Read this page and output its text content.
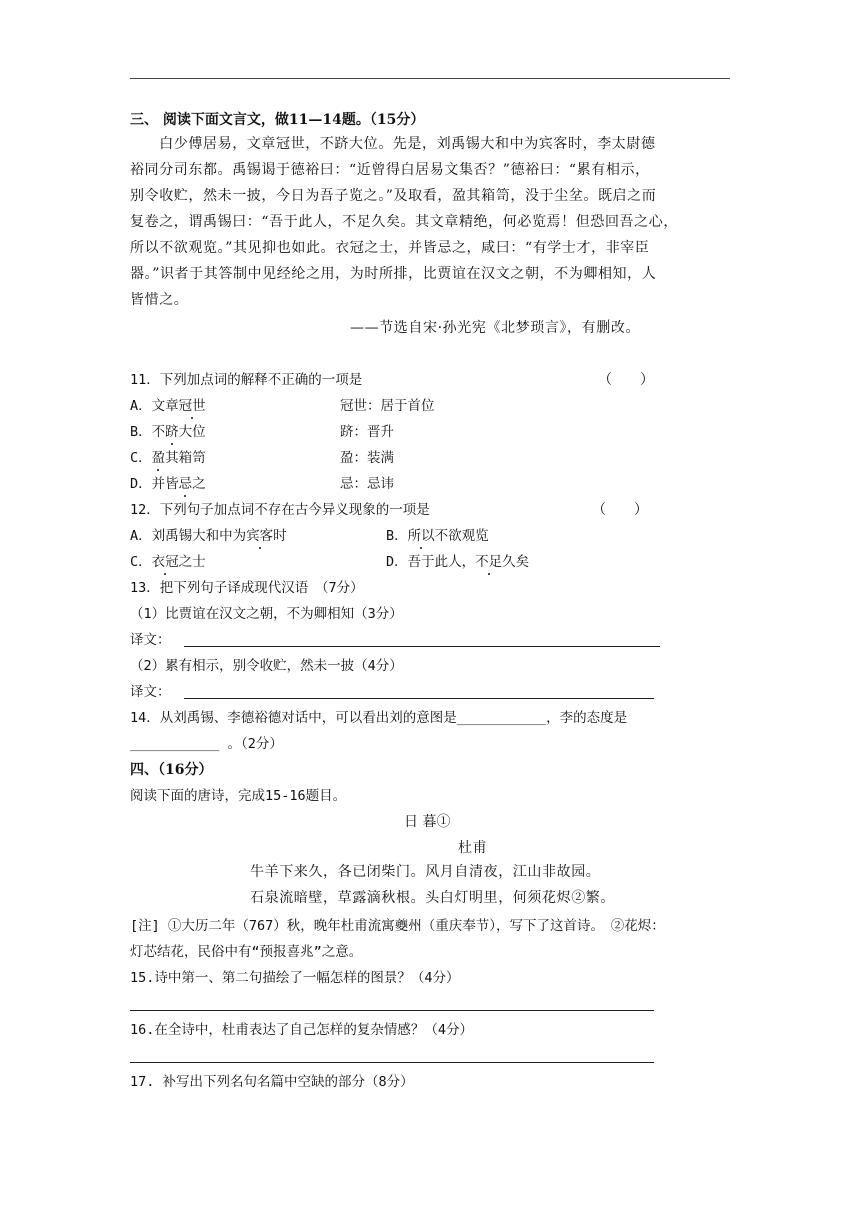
三、 阅读下面文言文，做11—14题。（15分）
　　白少傅居易，文章冠世，不跻大位。先是，刘禹锡大和中为宾客时，李太尉德
裕同分司东都。禹锡谒于德裕曰：“近曾得白居易文集否？”德裕曰：“累有相示，
别令收贮，然未一披，今日为吾子览之。”及取看，盈其箱笥，没于尘坌。既启之而
复卷之，谓禹锡曰：“吾于此人，不足久矣。其文章精绝，何必览焉！但恐回吾之心，
所以不欲观览。”其见抑也如此。衣冠之士，并皆忌之，咸曰：“有学士才，非宰臣
器。”识者于其答制中见经纶之用，为时所排，比贾谊在汉文之朝，不为卿相知，人
皆惜之。
——节选自宋·孙光宪《北梦琐言》，有删改。
11．下列加点词的解释不正确的一项是	（　　）
A．文章冠世	冠世：居于首位
B．不跻大位	跻：晋升
C．盈其箱笥	盈：装满
D．并皆忌之	忌：忌讳
12．下列句子加点词不存在古今异义现象的一项是	（　　）
A．刘禹锡大和中为宾客时	B．所以不欲观览
C．衣冠之士	D．吾于此人，不足久矣
13．把下列句子译成现代汉语　（7分）
（1）比贾谊在汉文之朝，不为卿相知（3分）
译文：
（2）累有相示，别令收贮，然未一披（4分）
译文：
14．从刘禹锡、李德裕德对话中，可以看出刘的意图是___________，李的态度是
___________ 。（2分）
四、（16分）
阅读下面的唐诗，完成15-16题目。
日 暮①
杜甫
牛羊下来久，各已闭柴门。风月自清夜，江山非故园。
石泉流暗壁，草露滴秋根。头白灯明里，何须花烬②繁。
[注] ①大历二年（767）秋，晚年杜甫流寓夔州（重庆奉节），写下了这首诗。　②花烬：
灯芯结花，民俗中有“预报喜兆”之意。
15.诗中第一、第二句描绘了一幅怎样的图景？（4分）
16.在全诗中，杜甫表达了自己怎样的复杂情感？（4分）
17. 补写出下列名句名篇中空缺的部分（8分）
